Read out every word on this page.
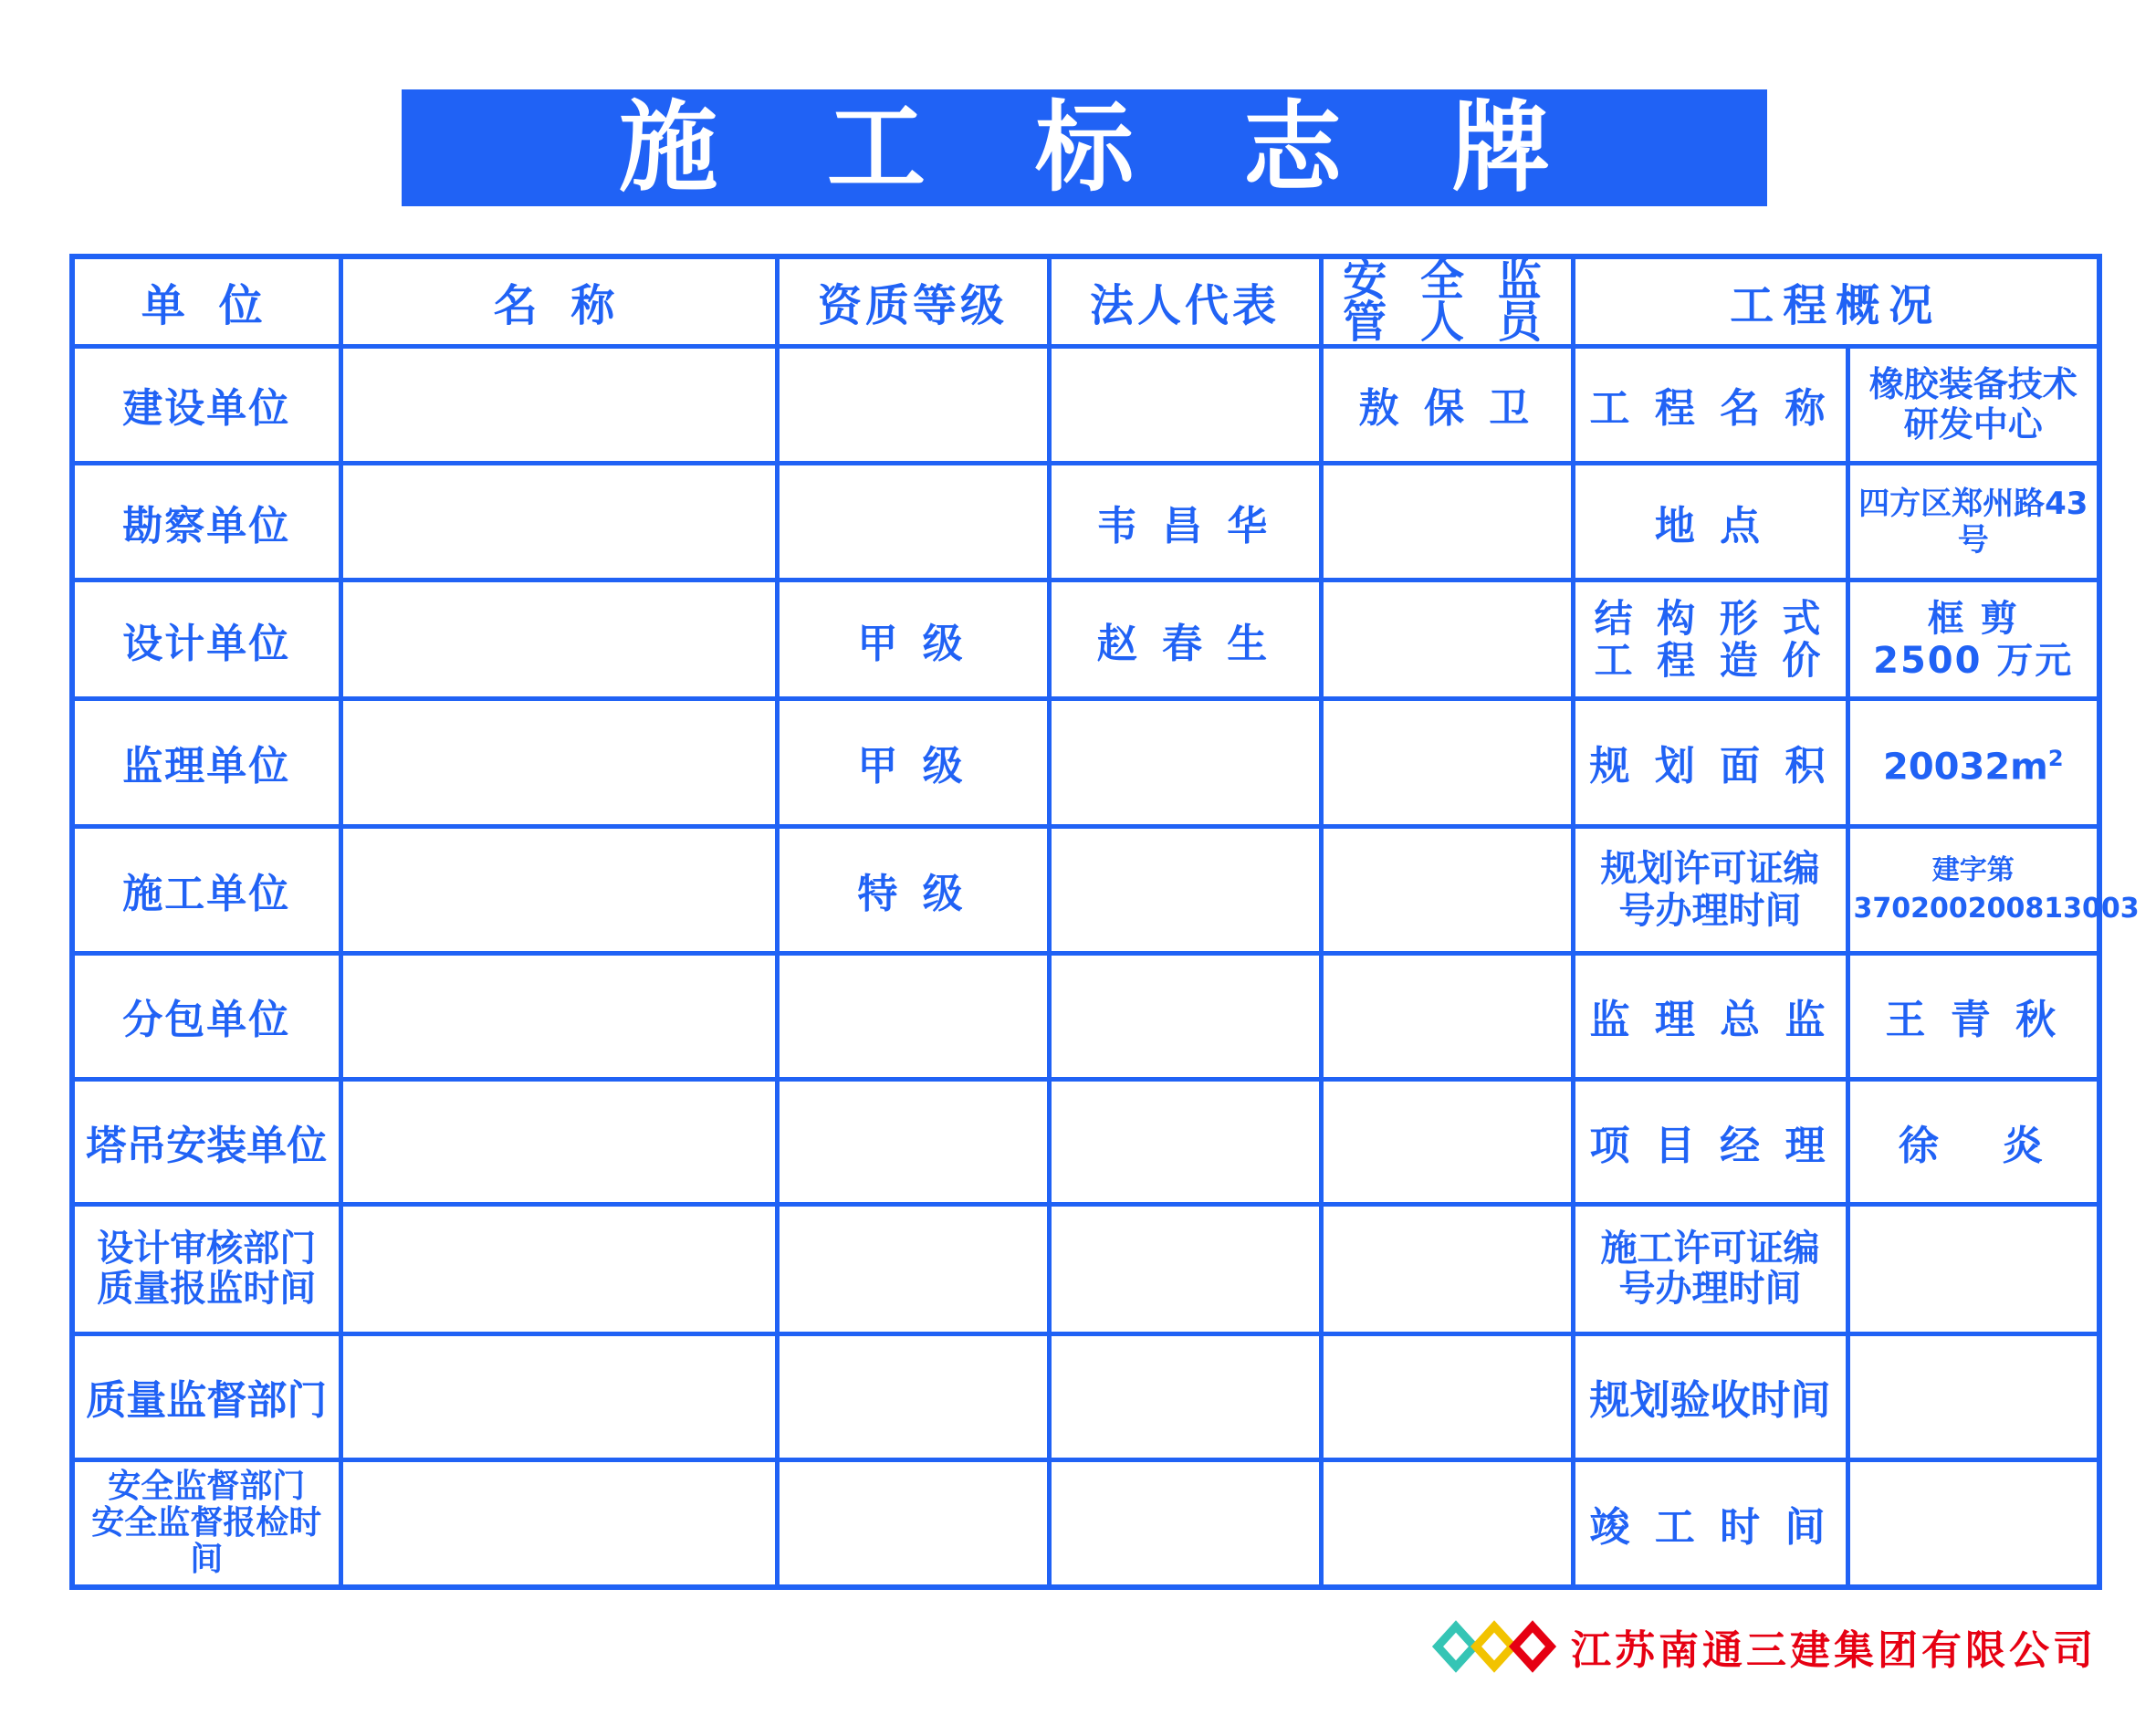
施 工 标 志 牌
单 位	名 称	资质等级	法人代表	安 全 监
管 人 员	工程概况	
建设单位				敖 保 卫	工 程 名 称	橡胶装备技术
研发中心

勘察单位			韦 昌 华		地 点	四方区郑州路43号
设计单位		甲 级	赵 春 生		结 构 形 式
工 程 造 价	框 剪
2500 万元

监理单位		甲 级			规 划 面 积	$20032m^2$
施工单位		特 级			规划许可证编
号办理时间	建字第
370200200813003

分包单位					监 理 总 监	王 青 秋
塔吊安装单位					项 目 经 理	徐   炎

设计审核部门
质量报监时间					施工许可证编
号办理时间	

质量监督部门					规划验收时间	

安全监督部门
安全监督报检时间					竣 工 时 间	
江苏南通三建集团有限公司
